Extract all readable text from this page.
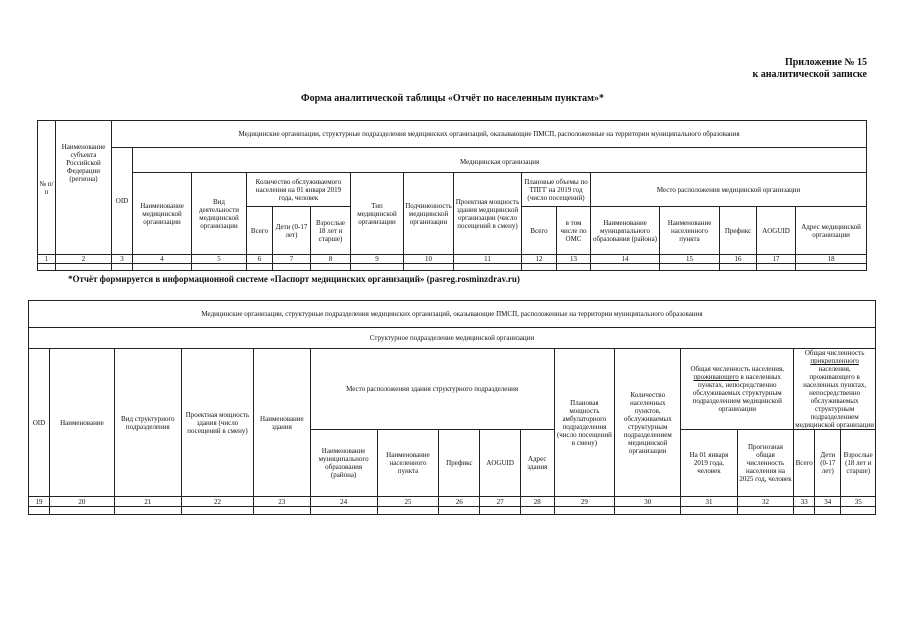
Приложение № 15
к аналитической записке
Форма аналитической таблицы «Отчёт по населенным пунктам»*
№ п/п	Наименование субъекта Российской Федерации (региона)	Медицинские организации, структурные подразделения медицинских организаций, оказывающие ПМСП, расположенные на территории муниципального образования															
		OID															
			Медицинская организация														
			Наименование медицинской организации	Вид деятельности медицинской организации	Количество обслуживаемого населения на 01 января 2019 года, человек			Тип медицинской организации	Подчиненность медицинской организации	Проектная мощность здания медицинской организации (число посещений в смену)	Плановые объемы по ТПГГ на 2019 год (число посещений)		Место расположения медицинской организации				
					Всего	Дети (0-17 лет)	Взрослые 18 лет и старше)				Всего	в том числе по ОМС	Наименование муниципального образования (района)	Наименование населенного пункта	Префикс	AOGUID	Адрес медицинской организации
1	2	3	4	5	6	7	8	9	10	11	12	13	14	15	16	17	18

*Отчёт формируется в информационной системе «Паспорт медицинских организаций» (pasreg.rosminzdrav.ru)
Медицинские организации, структурные подразделения медицинских организаций, оказывающие ПМСП, расположенные на территории муниципального образования																
Структурное подразделение медицинской организации																
OID	Наименование	Вид структурного подразделения	Проектная мощность здания (число посещений в смену)	Наименование здания	Место расположения здания структурного подразделения					Плановая мощность амбулаторного подразделения (число посещений в смену)	Количество населенных пунктов, обслуживаемых структурным подразделением медицинской организации	Общая численность населения, проживающего в населенных пунктах, непосредственно обслуживаемых структурным подразделением медицинской организации		Общая численность прикрепленного населения, проживающего в населенных пунктах, непосредственно обслуживаемых структурным подразделением медицинской организации		
					Наименование муниципального образования (района)	Наименование населенного пункта	Префикс	AOGUID	Адрес здания			На 01 января 2019 года, человек	Прогнозная общая численность населения на 2025 год, человек	Всего	Дети (0-17 лет)	Взрослые (18 лет и старше)
19	20	21	22	23	24	25	26	27	28	29	30	31	32	33	34	35
